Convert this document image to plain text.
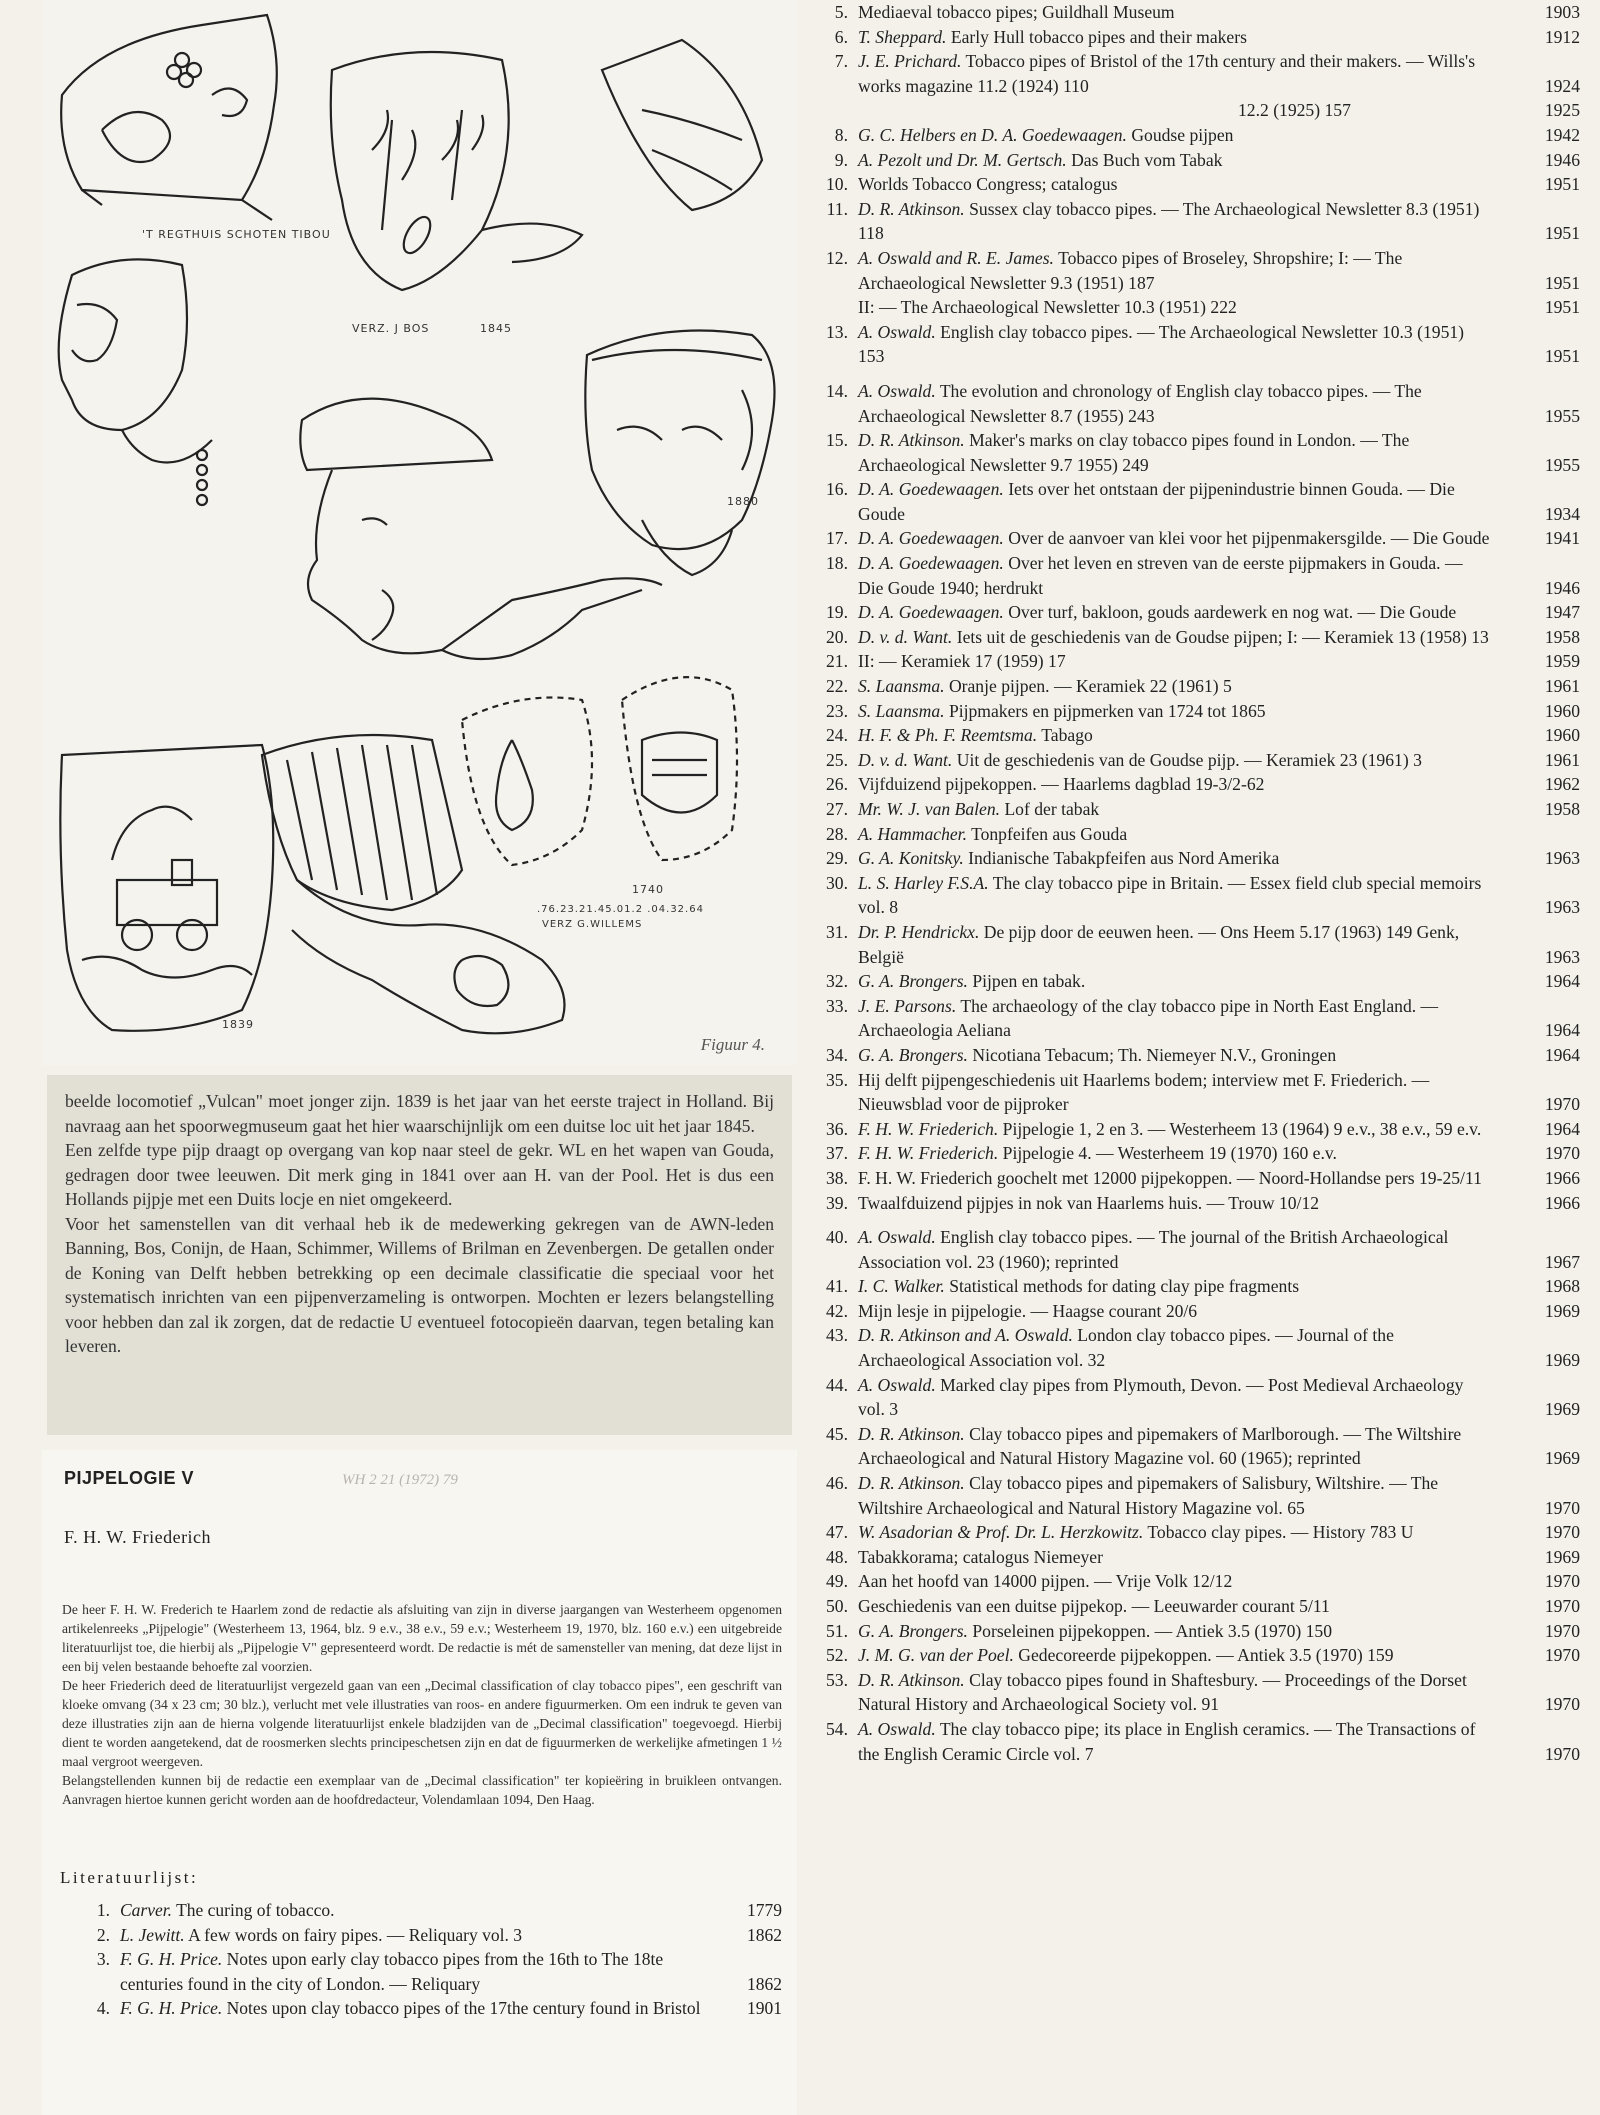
'T REGTHUIS SCHOTEN TIBOU
VERZ. J BOS	1845
1880
1839
1740
.76.23.21.45.01.2 .04.32.64
VERZ G.WILLEMS
Figuur 4.

beelde locomotief „Vulcan" moet jonger zijn. 1839 is het jaar van het eerste traject in Holland. Bij navraag aan het spoorwegmuseum gaat het hier waarschijnlijk om een duitse loc uit het jaar 1845.

Een zelfde type pijp draagt op overgang van kop naar steel de gekr. WL en het wapen van Gouda, gedragen door twee leeuwen. Dit merk ging in 1841 over aan H. van der Pool. Het is dus een Hollands pijpje met een Duits locje en niet omgekeerd.

Voor het samenstellen van dit verhaal heb ik de medewerking gekregen van de AWN-leden Banning, Bos, Conijn, de Haan, Schimmer, Willems of Brilman en Zevenbergen. De getallen onder de Koning van Delft hebben betrekking op een decimale classificatie die speciaal voor het systematisch inrichten van een pijpenverzameling is ontworpen. Mochten er lezers belangstelling voor hebben dan zal ik zorgen, dat de redactie U eventueel fotocopieën daarvan, tegen betaling kan leveren.

PIJPELOGIE V	WH 2 21 (1972) 79
F. H. W. Friederich

De heer F. H. W. Frederich te Haarlem zond de redactie als afsluiting van zijn in diverse jaargangen van Westerheem opgenomen artikelenreeks „Pijpelogie" (Westerheem 13, 1964, blz. 9 e.v., 38 e.v., 59 e.v.; Westerheem 19, 1970, blz. 160 e.v.) een uitgebreide literatuurlijst toe, die hierbij als „Pijpelogie V" gepresenteerd wordt. De redactie is mét de samensteller van mening, dat deze lijst in een bij velen bestaande behoefte zal voorzien.

De heer Friederich deed de literatuurlijst vergezeld gaan van een „Decimal classification of clay tobacco pipes", een geschrift van kloeke omvang (34 x 23 cm; 30 blz.), verlucht met vele illustraties van roos- en andere figuurmerken. Om een indruk te geven van deze illustraties zijn aan de hierna volgende literatuurlijst enkele bladzijden van de „Decimal classification" toegevoegd. Hierbij dient te worden aangetekend, dat de roosmerken slechts principeschetsen zijn en dat de figuurmerken de werkelijke afmetingen 1 ½ maal vergroot weergeven.

Belangstellenden kunnen bij de redactie een exemplaar van de „Decimal classification" ter kopieëring in bruikleen ontvangen. Aanvragen hiertoe kunnen gericht worden aan de hoofdredacteur, Volendamlaan 1094, Den Haag.

Literatuurlijst:
1. Carver. The curing of tobacco.	1779
2. L. Jewitt. A few words on fairy pipes. — Reliquary vol. 3	1862
3. F. G. H. Price. Notes upon early clay tobacco pipes from the 16th to The 18te centuries found in the city of London. — Reliquary	1862
4. F. G. H. Price. Notes upon clay tobacco pipes of the 17the century found in Bristol	1901
5. Mediaeval tobacco pipes; Guildhall Museum	1903
6. T. Sheppard. Early Hull tobacco pipes and their makers	1912
7. J. E. Prichard. Tobacco pipes of Bristol of the 17th century and their makers. — Wills's works magazine 11.2 (1924) 110	1924
12.2 (1925) 157	1925
8. G. C. Helbers en D. A. Goedewaagen. Goudse pijpen	1942
9. A. Pezolt und Dr. M. Gertsch. Das Buch vom Tabak	1946
10. Worlds Tobacco Congress; catalogus	1951
11. D. R. Atkinson. Sussex clay tobacco pipes. — The Archaeological Newsletter 8.3 (1951) 118	1951
12. A. Oswald and R. E. James. Tobacco pipes of Broseley, Shropshire; I: — The Archaeological Newsletter 9.3 (1951) 187	1951
II: — The Archaeological Newsletter 10.3 (1951) 222	1951
13. A. Oswald. English clay tobacco pipes. — The Archaeological Newsletter 10.3 (1951) 153	1951
14. A. Oswald. The evolution and chronology of English clay tobacco pipes. — The Archaeological Newsletter 8.7 (1955) 243	1955
15. D. R. Atkinson. Maker's marks on clay tobacco pipes found in London. — The Archaeological Newsletter 9.7 1955) 249	1955
16. D. A. Goedewaagen. Iets over het ontstaan der pijpenindustrie binnen Gouda. — Die Goude	1934
17. D. A. Goedewaagen. Over de aanvoer van klei voor het pijpenmakersgilde. — Die Goude	1941
18. D. A. Goedewaagen. Over het leven en streven van de eerste pijpmakers in Gouda. — Die Goude 1940; herdrukt	1946
19. D. A. Goedewaagen. Over turf, bakloon, gouds aardewerk en nog wat. — Die Goude	1947
20. D. v. d. Want. Iets uit de geschiedenis van de Goudse pijpen; I: — Keramiek 13 (1958) 13	1958
21. II: — Keramiek 17 (1959) 17	1959
22. S. Laansma. Oranje pijpen. — Keramiek 22 (1961) 5	1961
23. S. Laansma. Pijpmakers en pijpmerken van 1724 tot 1865	1960
24. H. F. & Ph. F. Reemtsma. Tabago	1960
25. D. v. d. Want. Uit de geschiedenis van de Goudse pijp. — Keramiek 23 (1961) 3	1961
26. Vijfduizend pijpekoppen. — Haarlems dagblad 19-3/2-62	1962
27. Mr. W. J. van Balen. Lof der tabak	1958
28. A. Hammacher. Tonpfeifen aus Gouda
29. G. A. Konitsky. Indianische Tabakpfeifen aus Nord Amerika	1963
30. L. S. Harley F.S.A. The clay tobacco pipe in Britain. — Essex field club special memoirs vol. 8	1963
31. Dr. P. Hendrickx. De pijp door de eeuwen heen. — Ons Heem 5.17 (1963) 149 Genk, België	1963
32. G. A. Brongers. Pijpen en tabak.	1964
33. J. E. Parsons. The archaeology of the clay tobacco pipe in North East England. — Archaeologia Aeliana	1964
34. G. A. Brongers. Nicotiana Tebacum; Th. Niemeyer N.V., Groningen	1964
35. Hij delft pijpengeschiedenis uit Haarlems bodem; interview met F. Friederich. — Nieuwsblad voor de pijproker	1970
36. F. H. W. Friederich. Pijpelogie 1, 2 en 3. — Westerheem 13 (1964) 9 e.v., 38 e.v., 59 e.v.	1964
37. F. H. W. Friederich. Pijpelogie 4. — Westerheem 19 (1970) 160 e.v.	1970
38. F. H. W. Friederich goochelt met 12000 pijpekoppen. — Noord-Hollandse pers 19-25/11	1966
39. Twaalfduizend pijpjes in nok van Haarlems huis. — Trouw 10/12	1966
40. A. Oswald. English clay tobacco pipes. — The journal of the British Archaeological Association vol. 23 (1960); reprinted	1967
41. I. C. Walker. Statistical methods for dating clay pipe fragments	1968
42. Mijn lesje in pijpelogie. — Haagse courant 20/6	1969
43. D. R. Atkinson and A. Oswald. London clay tobacco pipes. — Journal of the Archaeological Association vol. 32	1969
44. A. Oswald. Marked clay pipes from Plymouth, Devon. — Post Medieval Archaeology vol. 3	1969
45. D. R. Atkinson. Clay tobacco pipes and pipemakers of Marlborough. — The Wiltshire Archaeological and Natural History Magazine vol. 60 (1965); reprinted	1969
46. D. R. Atkinson. Clay tobacco pipes and pipemakers of Salisbury, Wiltshire. — The Wiltshire Archaeological and Natural History Magazine vol. 65	1970
47. W. Asadorian & Prof. Dr. L. Herzkowitz. Tobacco clay pipes. — History 783 U	1970
48. Tabakkorama; catalogus Niemeyer	1969
49. Aan het hoofd van 14000 pijpen. — Vrije Volk 12/12	1970
50. Geschiedenis van een duitse pijpekop. — Leeuwarder courant 5/11	1970
51. G. A. Brongers. Porseleinen pijpekoppen. — Antiek 3.5 (1970) 150	1970
52. J. M. G. van der Poel. Gedecoreerde pijpekoppen. — Antiek 3.5 (1970) 159	1970
53. D. R. Atkinson. Clay tobacco pipes found in Shaftesbury. — Proceedings of the Dorset Natural History and Archaeological Society vol. 91	1970
54. A. Oswald. The clay tobacco pipe; its place in English ceramics. — The Transactions of the English Ceramic Circle vol. 7	1970
